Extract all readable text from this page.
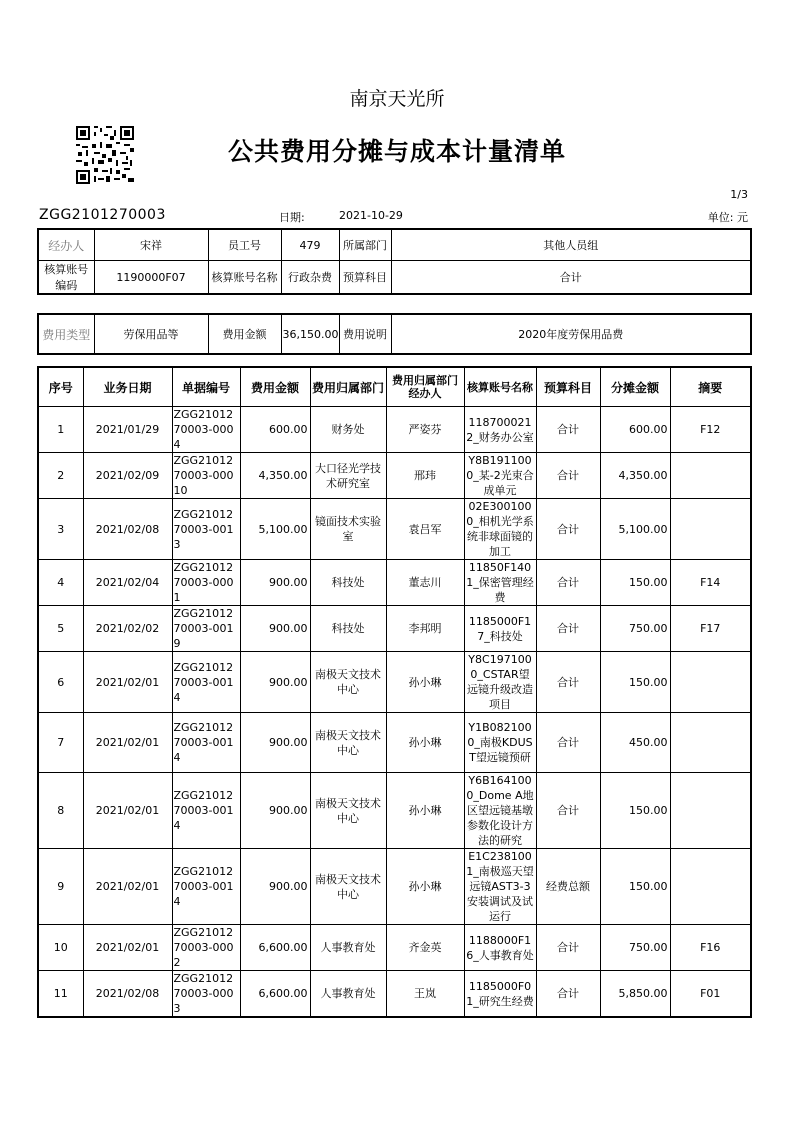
南京天光所
公共费用分摊与成本计量清单
1/3
ZGG2101270003	日期:	2021-10-29	单位: 元
经办人	宋祥	员工号	479	所属部门	其他人员组
核算账号编码	1190000F07	核算账号名称	行政杂费	预算科目	合计
费用类型	劳保用品等	费用金额	36,150.00	费用说明	2020年度劳保用品费
序号	业务日期	单据编号	费用金额	费用归属部门	费用归属部门经办人	核算账号名称	预算科目	分摊金额	摘要
1	2021/01/29	ZGG2101270003-0004	600.00	财务处	严姿芬	1187000212_财务办公室	合计	600.00	F12
2	2021/02/09	ZGG2101270003-00010	4,350.00	大口径光学技术研究室	邢玮	Y8B1911000_某-2光束合成单元	合计	4,350.00	
3	2021/02/08	ZGG2101270003-0013	5,100.00	镜面技术实验室	袁吕军	02E3001000_相机光学系统非球面镜的加工	合计	5,100.00	
4	2021/02/04	ZGG2101270003-0001	900.00	科技处	董志川	11850F1401_保密管理经费	合计	150.00	F14
5	2021/02/02	ZGG2101270003-0019	900.00	科技处	李邦明	1185000F17_科技处	合计	750.00	F17
6	2021/02/01	ZGG2101270003-0014	900.00	南极天文技术中心	孙小琳	Y8C1971000_CSTAR望远镜升级改造项目	合计	150.00	
7	2021/02/01	ZGG2101270003-0014	900.00	南极天文技术中心	孙小琳	Y1B0821000_南极KDUST望远镜预研	合计	450.00	
8	2021/02/01	ZGG2101270003-0014	900.00	南极天文技术中心	孙小琳	Y6B1641000_Dome A地区望远镜基墩参数化设计方法的研究	合计	150.00	
9	2021/02/01	ZGG2101270003-0014	900.00	南极天文技术中心	孙小琳	E1C2381001_南极巡天望远镜AST3-3安装调试及试运行	经费总额	150.00	
10	2021/02/01	ZGG2101270003-0002	6,600.00	人事教育处	齐金英	1188000F16_人事教育处	合计	750.00	F16
11	2021/02/08	ZGG2101270003-0003	6,600.00	人事教育处	王岚	1185000F01_研究生经费	合计	5,850.00	F01
